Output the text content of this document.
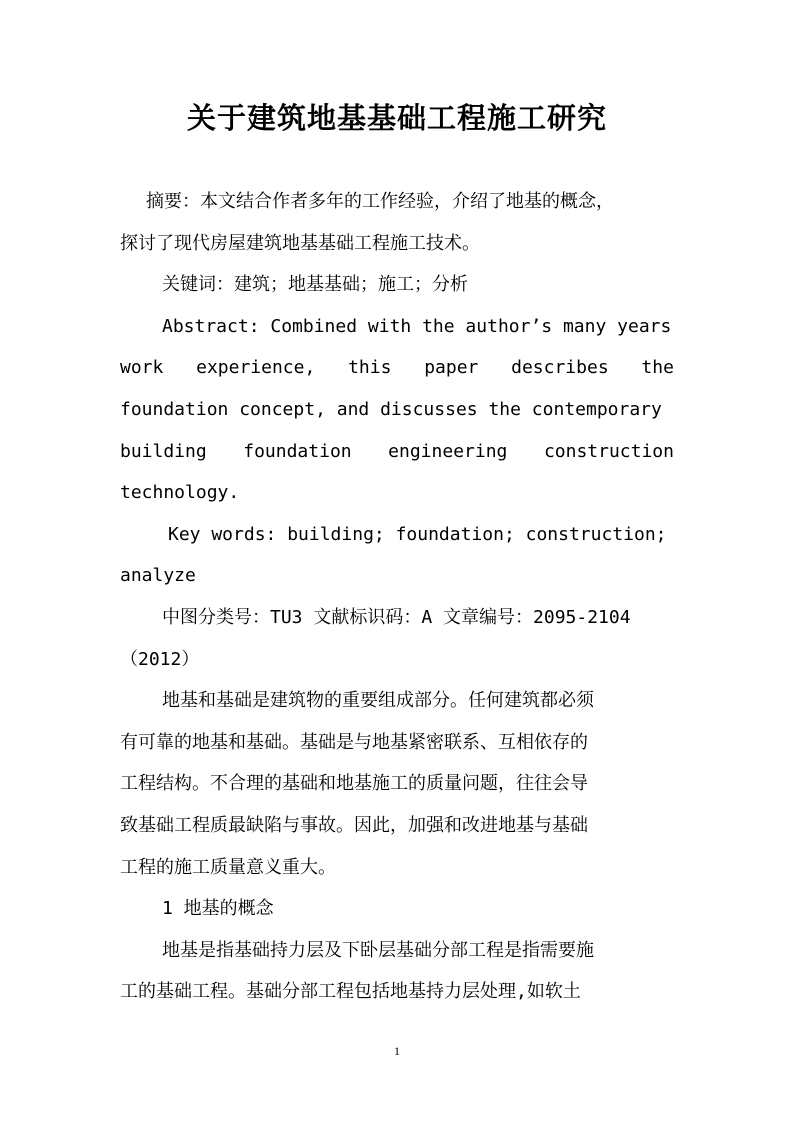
关于建筑地基基础工程施工研究
摘要：本文结合作者多年的工作经验，介绍了地基的概念，
探讨了现代房屋建筑地基基础工程施工技术。
关键词：建筑；地基基础；施工；分析
Abstract: Combined with the author’s many years
work experience, this paper describes the
foundation concept, and discusses the contemporary
building foundation engineering construction
technology.
Key words: building; foundation; construction;
analyze
中图分类号：TU3 文献标识码：A 文章编号：2095-2104
（2012）
地基和基础是建筑物的重要组成部分。任何建筑都必须
有可靠的地基和基础。基础是与地基紧密联系、互相依存的
工程结构。不合理的基础和地基施工的质量问题，往往会导
致基础工程质最缺陷与事故。因此，加强和改进地基与基础
工程的施工质量意义重大。
1 地基的概念
地基是指基础持力层及下卧层基础分部工程是指需要施
工的基础工程。基础分部工程包括地基持力层处理,如软土
1
